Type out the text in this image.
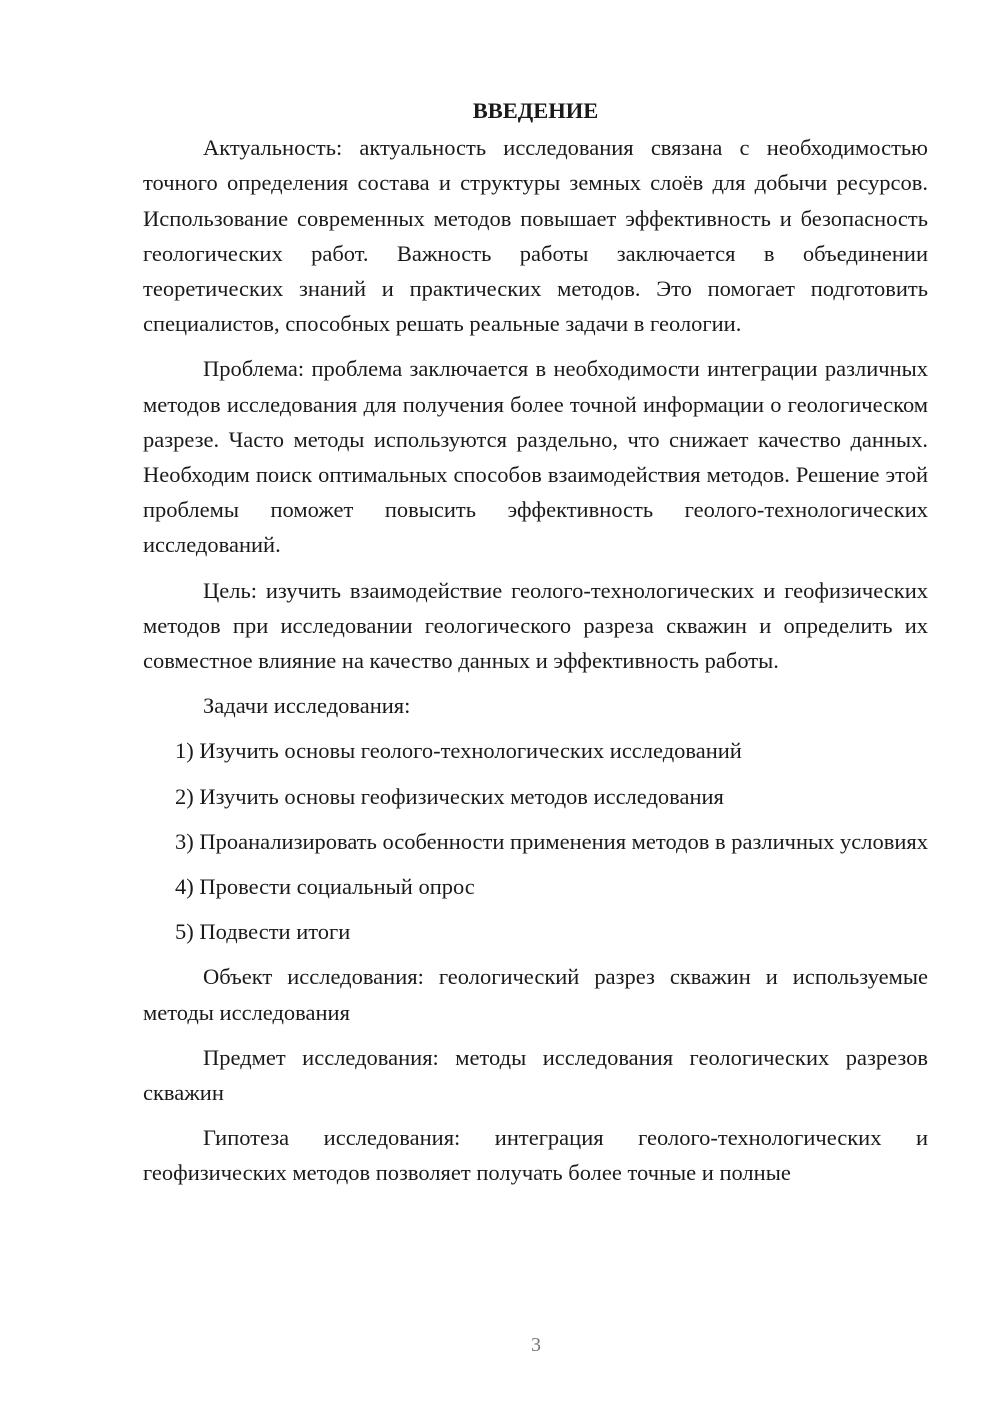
ВВЕДЕНИЕ

Актуальность: актуальность исследования связана с необходимостью точного определения состава и структуры земных слоёв для добычи ресурсов. Использование современных методов повышает эффективность и безопасность геологических работ. Важность работы заключается в объединении теоретических знаний и практических методов. Это помогает подготовить специалистов, способных решать реальные задачи в геологии.

Проблема: проблема заключается в необходимости интеграции различных методов исследования для получения более точной информации о геологическом разрезе. Часто методы используются раздельно, что снижает качество данных. Необходим поиск оптимальных способов взаимодействия методов. Решение этой проблемы поможет повысить эффективность геолого-технологических исследований.

Цель: изучить взаимодействие геолого-технологических и геофизических методов при исследовании геологического разреза скважин и определить их совместное влияние на качество данных и эффективность работы.

Задачи исследования:

1) Изучить основы геолого-технологических исследований

2) Изучить основы геофизических методов исследования

3) Проанализировать особенности применения методов в различных условиях

4) Провести социальный опрос

5) Подвести итоги

Объект исследования: геологический разрез скважин и используемые методы исследования

Предмет исследования: методы исследования геологических разрезов скважин

Гипотеза исследования: интеграция геолого-технологических и геофизических методов позволяет получать более точные и полные

3
